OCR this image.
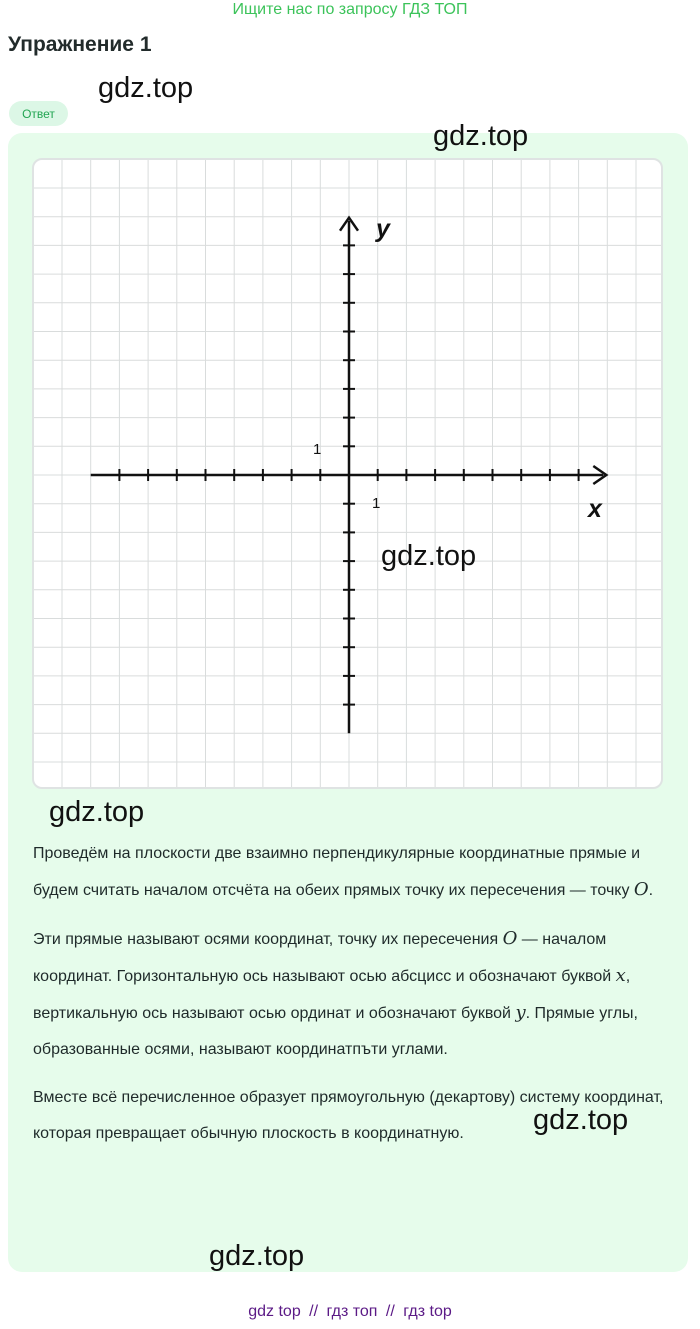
Ищите нас по запросу ГДЗ ТОП
Упражнение 1
Ответ
y
x
1
1
gdz.top
gdz.top
gdz.top
gdz.top
gdz.top
gdz.top

Проведём на плоскости две взаимно перпендикулярные координатные прямые и будем считать началом отсчёта на обеих прямых точку их пересечения — точку O.

Эти прямые называют осями координат, точку их пересечения O — началом координат. Горизонтальную ось называют осью абсцисс и обозначают буквой x, вертикальную ось называют осью ординат и обозначают буквой y. Прямые углы, образованные осями, называют координатпъти углами.

Вместе всё перечисленное образует прямоугольную (декартову) систему координат, которая превращает обычную плоскость в координатную.

gdz top // гдз топ // гдз top
